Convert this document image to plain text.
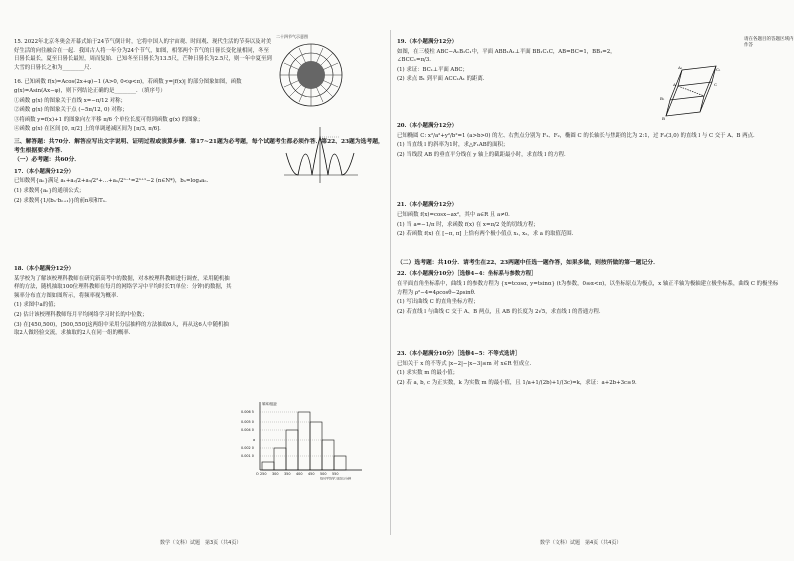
15. 2022年北京冬奥会开幕式始于24节气倒计时，它将中国人的宇宙观、时间观、现代生活的节奏以及对美好生活的向往融合在一起．我国古人将一年分为24个节气，如图，相邻两个节气的日晷长变化量相同，冬至日晷长最长，夏至日晷长最短，周而复始．已知冬至日晷长为13.5尺，芒种日晷长为2.5尺，则一年中夏至到大雪的日晷长之和为________尺．

16. 已知函数 f(x)=Acos(2x+φ)−1 (A>0, 0<φ<π)，若函数 y=|f(x)| 的部分图象如图，函数 g(x)=Asin(Ax−φ)，则下列结论正确的是________．（填序号）

①函数 g(x) 的图象关于直线 x=−π/12 对称；

②函数 g(x) 的图象关于点 (−5π/12, 0) 对称；

③将函数 y=f(x)+1 的图象向左平移 π/6 个单位长度可得到函数 g(x) 的图象；

④函数 g(x) 在区间 [0, π/2] 上的单调递减区间为 [π/3, π/6]．

三、解答题：共70分．解答应写出文字说明、证明过程或演算步骤．第17~21题为必考题，每个试题考生都必须作答．第22、23题为选考题，考生根据要求作答．

（一）必考题：共60分．

17.（本小题满分12分）

已知数列{aₙ}满足 a₁+a₂/2+a₃/2²+…+aₙ/2ⁿ⁻¹=2ⁿ⁺¹−2 (n∈N*)，bₙ=log₄aₙ．

(1) 求数列{aₙ}的通项公式；

(2) 求数列{1/(bₙ·bₙ₊₁)}的前n项和Tₙ．

18.（本小题满分12分）

某学校为了解该校理科教师在研究新高考中的数据，对本校理科教师进行调查，采用随机抽样的方法，随机抽取100位理科教师在每月的网络学习中平均时长T(单位：分钟)的数据，其频率分布直方图如图所示，将频率视为概率．

(1) 求图中a的值；

(2) 估计该校理科教师每月平均网络学习时长的中位数；

(3) 在[450,500)，[500,550]这两组中采用分层抽样的方法抽取6人，再从这6人中随机抽取2人做经验交流，求抽取的2人在同一组的概率．

二十四节气示意图
频率/组距
0.006 5
0.005 0
0.004 0
a
0.002 0
0.001 0
O 250 300 350 400 450 500 550
每月平均学习时长/分钟

19.（本小题满分12分）

如图，在三棱柱 ABC−A₁B₁C₁中，平面 ABB₁A₁⊥平面 BB₁C₁C，AB=BC=1，BB₁=2，∠BCC₁=π/3．

(1) 求证：BC₁⊥平面 ABC；

(2) 求点 B₁ 到平面 ACC₁A₁ 的距离．

20.（本小题满分12分）

已知椭圆 C: x²/a²+y²/b²=1 (a>b>0) 的左、右焦点分别为 F₁、F₂，椭圆 C 的长轴长与焦距的比为 2:1，过 F₂(3,0) 的直线 l 与 C 交于 A、B 两点．

(1) 当直线 l 的斜率为1时，求△F₁AB的面积；

(2) 当线段 AB 的垂直平分线在 y 轴上的截距最小时，求直线 l 的方程．

21.（本小题满分12分）

已知函数 f(x)=cosx−ax²，其中 a∈R 且 a≠0．

(1) 当 a=−1/π 时，求函数 f(x) 在 x=π/2 处的切线方程；

(2) 若函数 f(x) 在 [−π, π] 上恰有两个极小值点 x₁, x₂，求 a 的取值范围．

（二）选考题：共10分．请考生在22、23两题中任选一题作答，如果多做，则按所做的第一题记分．

22.（本小题满分10分）［选修4−4：坐标系与参数方程］

在平面直角坐标系中，曲线 l 的参数方程为 {x=tcosα, y=tsinα} (t为参数，0≤α<π)，以坐标原点为极点，x 轴正半轴为极轴建立极坐标系，曲线 C 的极坐标方程为 ρ²−4=4ρcosθ−2ρsinθ．

(1) 写出曲线 C 的直角坐标方程；

(2) 若直线 l 与曲线 C 交于 A、B 两点，且 AB 的长度为 2√5，求直线 l 的普通方程．

23.（本小题满分10分）［选修4−5：不等式选讲］

已知关于 x 的不等式 |x−2|−|x−3|≤m 对 x∈R 恒成立．

(1) 求实数 m 的最小值；

(2) 若 a, b, c 为正实数，k 为实数 m 的最小值，且 1/a+1/(2b)+1/(3c)=k，求证：a+2b+3c≥9．

A₁	C₁
B₁
A	C
B
请在各题目的答题区域内作答
数学（文科）试题　第3页（共4页）	数学（文科）试题　第4页（共4页）
